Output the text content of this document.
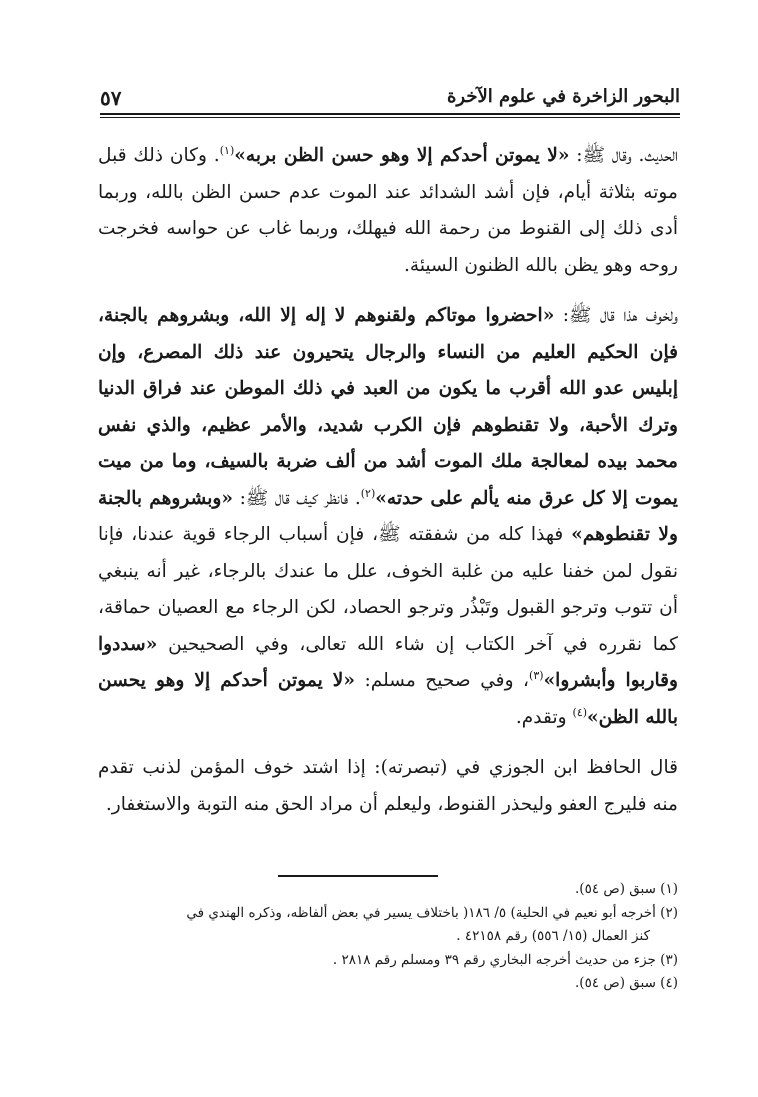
البحور الزاخرة في علوم الآخرة
٥٧

الحديث. وقال ﷺ: «لا يموتن أحدكم إلا وهو حسن الظن بربه»$^{(١)}$. وكان ذلك قبل موته بثلاثة أيام، فإن أشد الشدائد عند الموت عدم حسن الظن بالله، وربما أدى ذلك إلى القنوط من رحمة الله فيهلك، وربما غاب عن حواسه فخرجت روحه وهو يظن بالله الظنون السيئة.

ولخوف هذا قال ﷺ: «احضروا موتاكم ولقنوهم لا إله إلا الله، وبشروهم بالجنة، فإن الحكيم العليم من النساء والرجال يتحيرون عند ذلك المصرع، وإن إبليس عدو الله أقرب ما يكون من العبد في ذلك الموطن عند فراق الدنيا وترك الأحبة، ولا تقنطوهم فإن الكرب شديد، والأمر عظيم، والذي نفس محمد بيده لمعالجة ملك الموت أشد من ألف ضربة بالسيف، وما من ميت يموت إلا كل عرق منه يألم على حدته»$^{(٢)}$. فانظر كيف قال ﷺ: «وبشروهم بالجنة ولا تقنطوهم» فهذا كله من شفقته ﷺ، فإن أسباب الرجاء قوية عندنا، فإنا نقول لمن خفنا عليه من غلبة الخوف، علل ما عندك بالرجاء، غير أنه ينبغي أن تتوب وترجو القبول وتَبْذُر وترجو الحصاد، لكن الرجاء مع العصيان حماقة، كما نقرره في آخر الكتاب إن شاء الله تعالى، وفي الصحيحين «سددوا وقاربوا وأبشروا»$^{(٣)}$، وفي صحيح مسلم: «لا يموتن أحدكم إلا وهو يحسن بالله الظن»$^{(٤)}$ وتقدم.

قال الحافظ ابن الجوزي في (تبصرته): إذا اشتد خوف المؤمن لذنب تقدم منه فليرج العفو وليحذر القنوط، وليعلم أن مراد الحق منه التوبة والاستغفار.

(١) سبق (ص ٥٤).

(٢) أخرجه أبو نعيم في الحلية) ٥/ ١٨٦( باختلاف يسير في بعض ألفاظه، وذكره الهندي في
كنز العمال (١٥/ ٥٥٦) رقم ٤٢١٥٨ .

(٣) جزء من حديث أخرجه البخاري رقم ٣٩ ومسلم رقم ٢٨١٨ .

(٤) سبق (ص ٥٤).
